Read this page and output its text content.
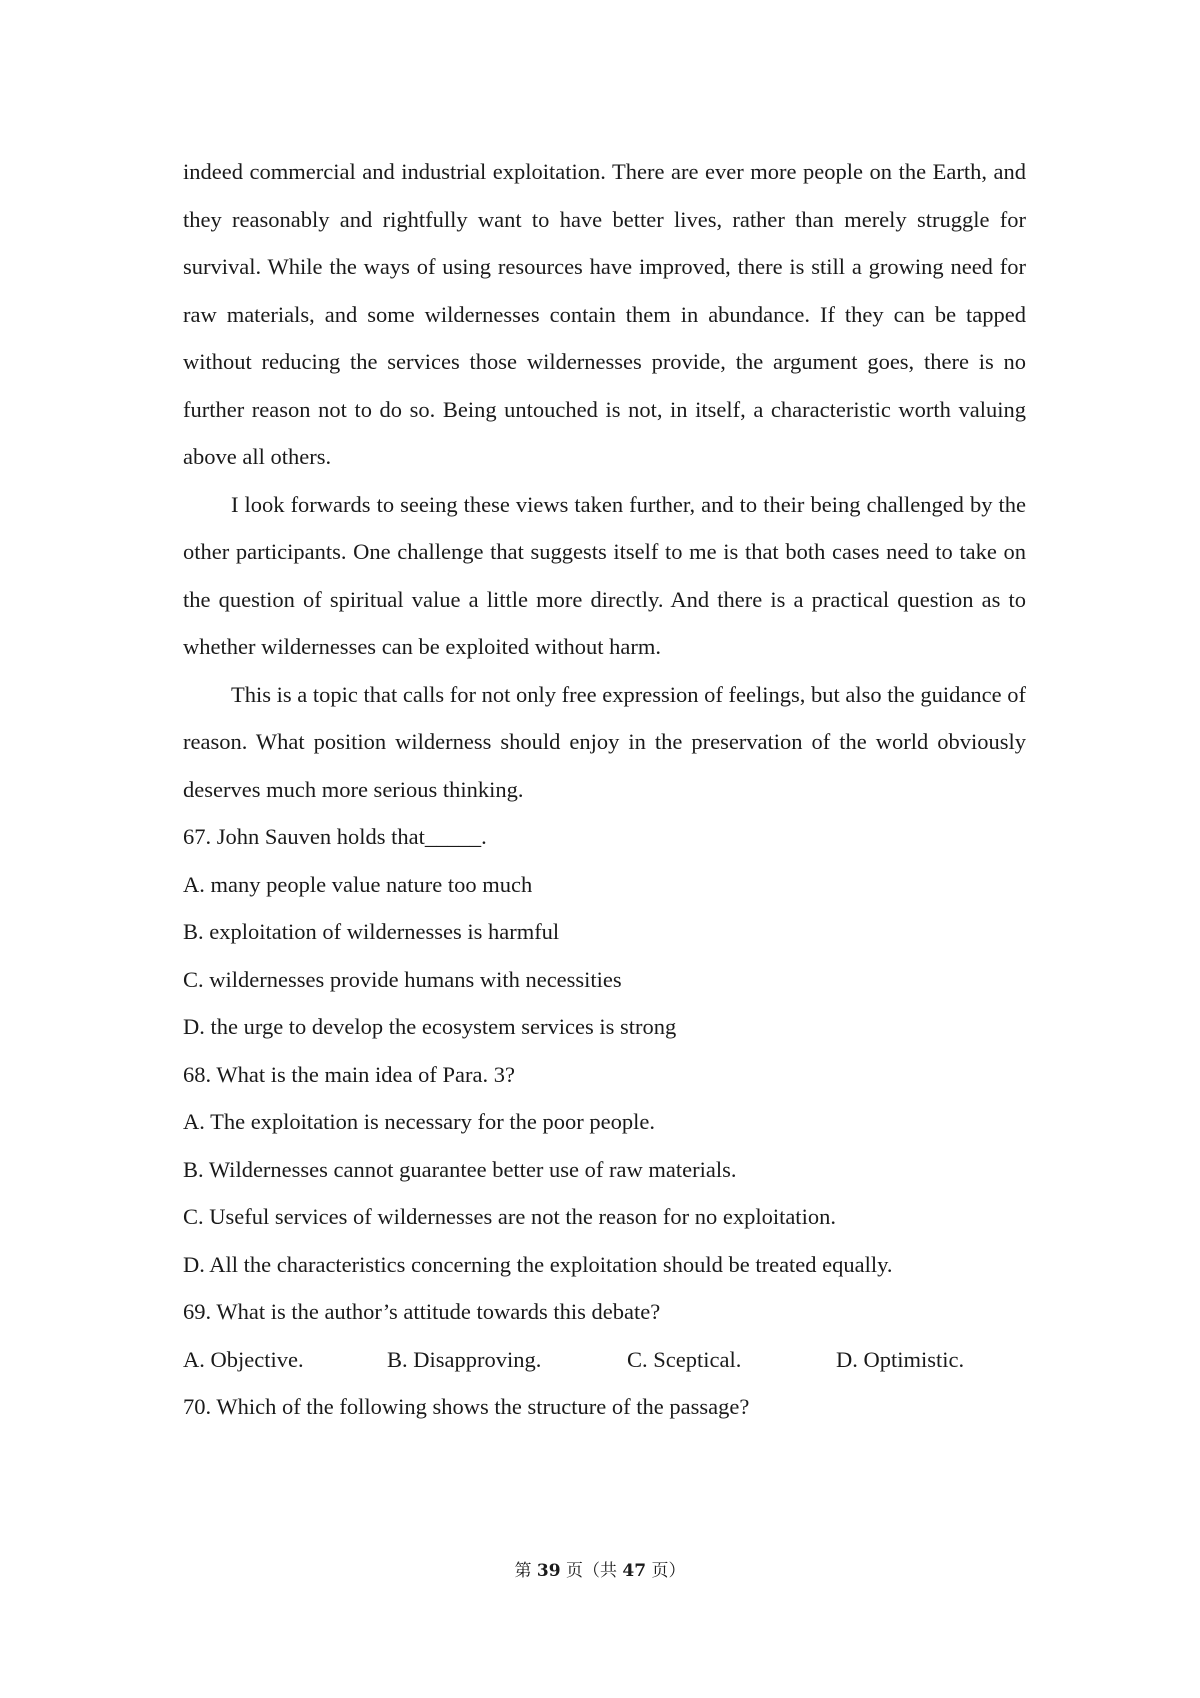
indeed commercial and industrial exploitation. There are ever more people on the Earth, and they reasonably and rightfully want to have better lives, rather than merely struggle for survival. While the ways of using resources have improved, there is still a growing need for raw materials, and some wildernesses contain them in abundance. If they can be tapped without reducing the services those wildernesses provide, the argument goes, there is no further reason not to do so. Being untouched is not, in itself, a characteristic worth valuing above all others.

I look forwards to seeing these views taken further, and to their being challenged by the other participants. One challenge that suggests itself to me is that both cases need to take on the question of spiritual value a little more directly. And there is a practical question as to whether wildernesses can be exploited without harm.

This is a topic that calls for not only free expression of feelings, but also the guidance of reason. What position wilderness should enjoy in the preservation of the world obviously deserves much more serious thinking.

67. John Sauven holds that_____.

A. many people value nature too much

B. exploitation of wildernesses is harmful

C. wildernesses provide humans with necessities

D. the urge to develop the ecosystem services is strong

68. What is the main idea of Para. 3?

A. The exploitation is necessary for the poor people.

B. Wildernesses cannot guarantee better use of raw materials.

C. Useful services of wildernesses are not the reason for no exploitation.

D. All the characteristics concerning the exploitation should be treated equally.

69. What is the author’s attitude towards this debate?

A. Objective.	B. Disapproving.	C. Sceptical.	D. Optimistic.

70. Which of the following shows the structure of the passage?

第 39 页（共 47 页）
